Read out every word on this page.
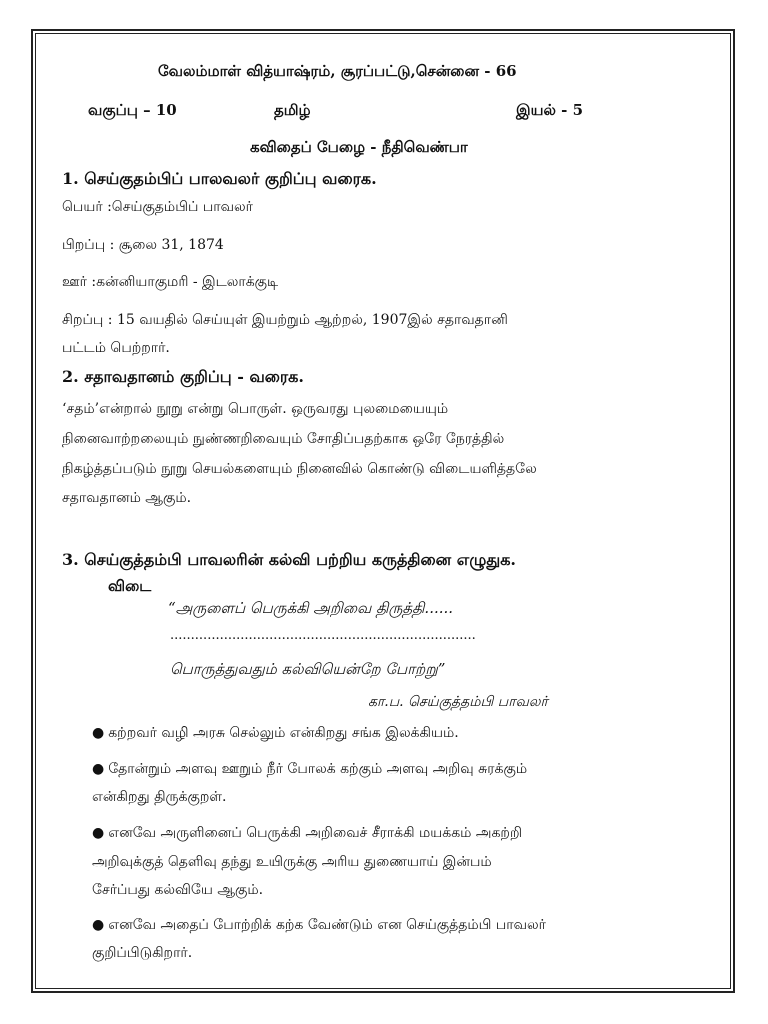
வேலம்மாள் வித்யாஷ்ரம், சூரப்பட்டு,சென்னை - 66
வகுப்பு – 10	தமிழ்	இயல் - 5
கவிதைப் பேழை - நீதிவெண்பா
1. செய்குதம்பிப் பாலவலர் குறிப்பு வரைக.
பெயர் :செய்குதம்பிப் பாவலர்
பிறப்பு : சூலை 31, 1874
ஊர் :கன்னியாகுமரி - இடலாக்குடி
சிறப்பு : 15 வயதில் செய்யுள் இயற்றும் ஆற்றல், 1907இல் சதாவதானி
பட்டம் பெற்றார்.
2. சதாவதானம் குறிப்பு - வரைக.
‘சதம்’என்றால் நூறு என்று பொருள். ஒருவரது புலமையையும்
நினைவாற்றலையும் நுண்ணறிவையும் சோதிப்பதற்காக ஒரே நேரத்தில்
நிகழ்த்தப்படும் நூறு செயல்களையும் நினைவில் கொண்டு விடையளித்தலே
சதாவதானம் ஆகும்.
3. செய்குத்தம்பி பாவலரின் கல்வி பற்றிய கருத்தினை எழுதுக.
விடை
“அருளைப் பெருக்கி அறிவை திருத்தி......
..........................................................................
பொருத்துவதும் கல்வியென்றே போற்று”
கா.ப. செய்குத்தம்பி பாவலர்
● கற்றவர் வழி அரசு செல்லும் என்கிறது சங்க இலக்கியம்.
● தோன்றும் அளவு ஊறும் நீர் போலக் கற்கும் அளவு அறிவு சுரக்கும்
என்கிறது திருக்குறள்.
● எனவே அருளினைப் பெருக்கி அறிவைச் சீராக்கி மயக்கம் அகற்றி
அறிவுக்குத் தெளிவு தந்து உயிருக்கு அரிய துணையாய் இன்பம்
சேர்ப்பது கல்வியே ஆகும்.
● எனவே அதைப் போற்றிக் கற்க வேண்டும் என செய்குத்தம்பி பாவலர்
குறிப்பிடுகிறார்.
